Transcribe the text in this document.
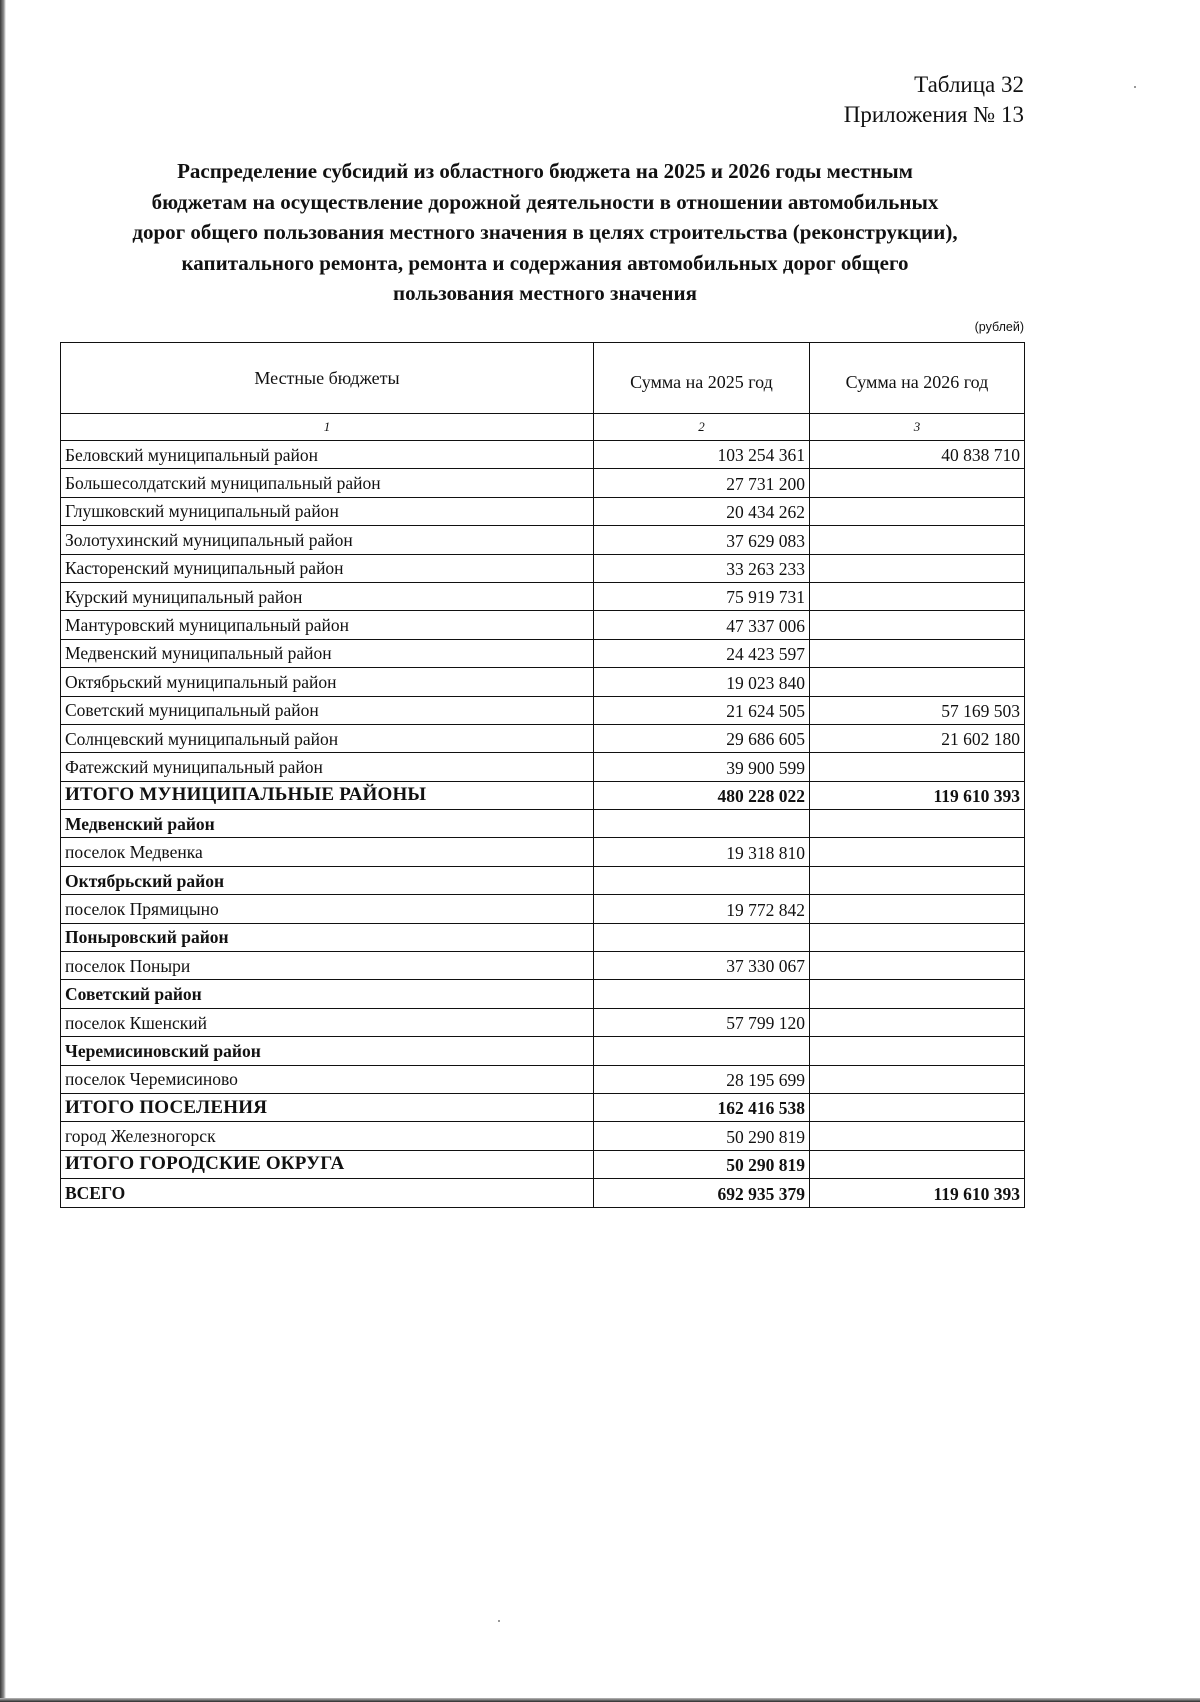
Таблица 32
Приложения № 13
Распределение субсидий из областного бюджета на 2025 и 2026 годы местным
бюджетам на осуществление дорожной деятельности в отношении автомобильных
дорог общего пользования местного значения в целях строительства (реконструкции),
капитального ремонта, ремонта и содержания автомобильных дорог общего
пользования местного значения
(рублей)
Местные бюджеты	Сумма на 2025 год	Сумма на 2026 год
1	2	3
Беловский муниципальный район	103 254 361	40 838 710
Большесолдатский муниципальный район	27 731 200	
Глушковский муниципальный район	20 434 262	
Золотухинский муниципальный район	37 629 083	
Касторенский муниципальный район	33 263 233	
Курский муниципальный район	75 919 731	
Мантуровский муниципальный район	47 337 006	
Медвенский муниципальный район	24 423 597	
Октябрьский муниципальный район	19 023 840	
Советский муниципальный район	21 624 505	57 169 503
Солнцевский муниципальный район	29 686 605	21 602 180
Фатежский муниципальный район	39 900 599	
ИТОГО МУНИЦИПАЛЬНЫЕ РАЙОНЫ	480 228 022	119 610 393
Медвенский район		
поселок Медвенка	19 318 810	
Октябрьский район		
поселок Прямицыно	19 772 842	
Поныровский район		
поселок Поныри	37 330 067	
Советский район		
поселок Кшенский	57 799 120	
Черемисиновский район		
поселок Черемисиново	28 195 699	
ИТОГО ПОСЕЛЕНИЯ	162 416 538	
город Железногорск	50 290 819	
ИТОГО ГОРОДСКИЕ ОКРУГА	50 290 819	
ВСЕГО	692 935 379	119 610 393
